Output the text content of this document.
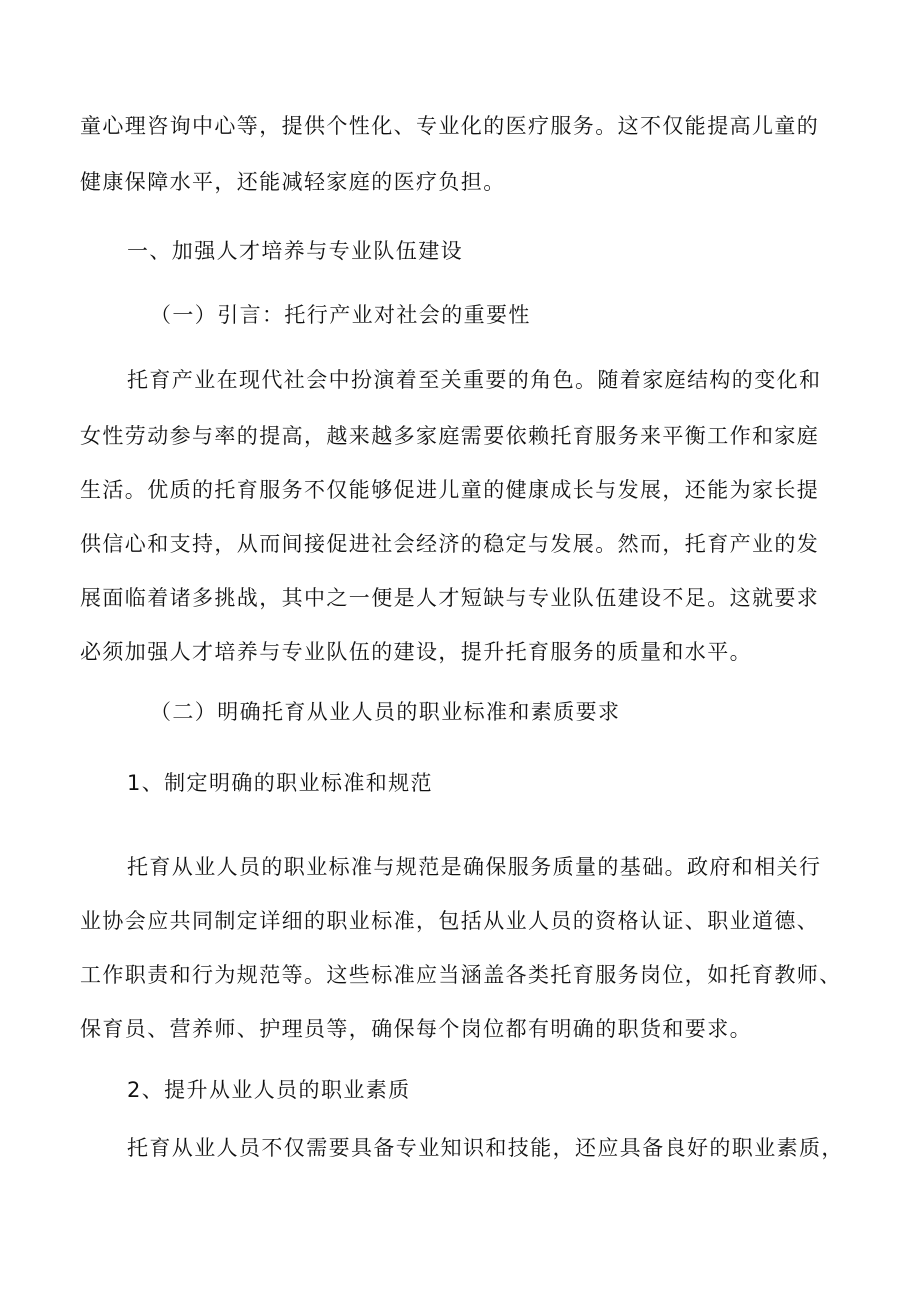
童心理咨询中心等，提供个性化、专业化的医疗服务。这不仅能提高儿童的
健康保障水平，还能减轻家庭的医疗负担。
一、加强人才培养与专业队伍建设
（一）引言：托行产业对社会的重要性
托育产业在现代社会中扮演着至关重要的角色。随着家庭结构的变化和
女性劳动参与率的提高，越来越多家庭需要依赖托育服务来平衡工作和家庭
生活。优质的托育服务不仅能够促进儿童的健康成长与发展，还能为家长提
供信心和支持，从而间接促进社会经济的稳定与发展。然而，托育产业的发
展面临着诸多挑战，其中之一便是人才短缺与专业队伍建设不足。这就要求
必须加强人才培养与专业队伍的建设，提升托育服务的质量和水平。
（二）明确托育从业人员的职业标准和素质要求
1、制定明确的职业标准和规范
托育从业人员的职业标准与规范是确保服务质量的基础。政府和相关行
业协会应共同制定详细的职业标准，包括从业人员的资格认证、职业道德、
工作职责和行为规范等。这些标准应当涵盖各类托育服务岗位，如托育教师、
保育员、营养师、护理员等，确保每个岗位都有明确的职货和要求。
2、提升从业人员的职业素质
托育从业人员不仅需要具备专业知识和技能，还应具备良好的职业素质，
